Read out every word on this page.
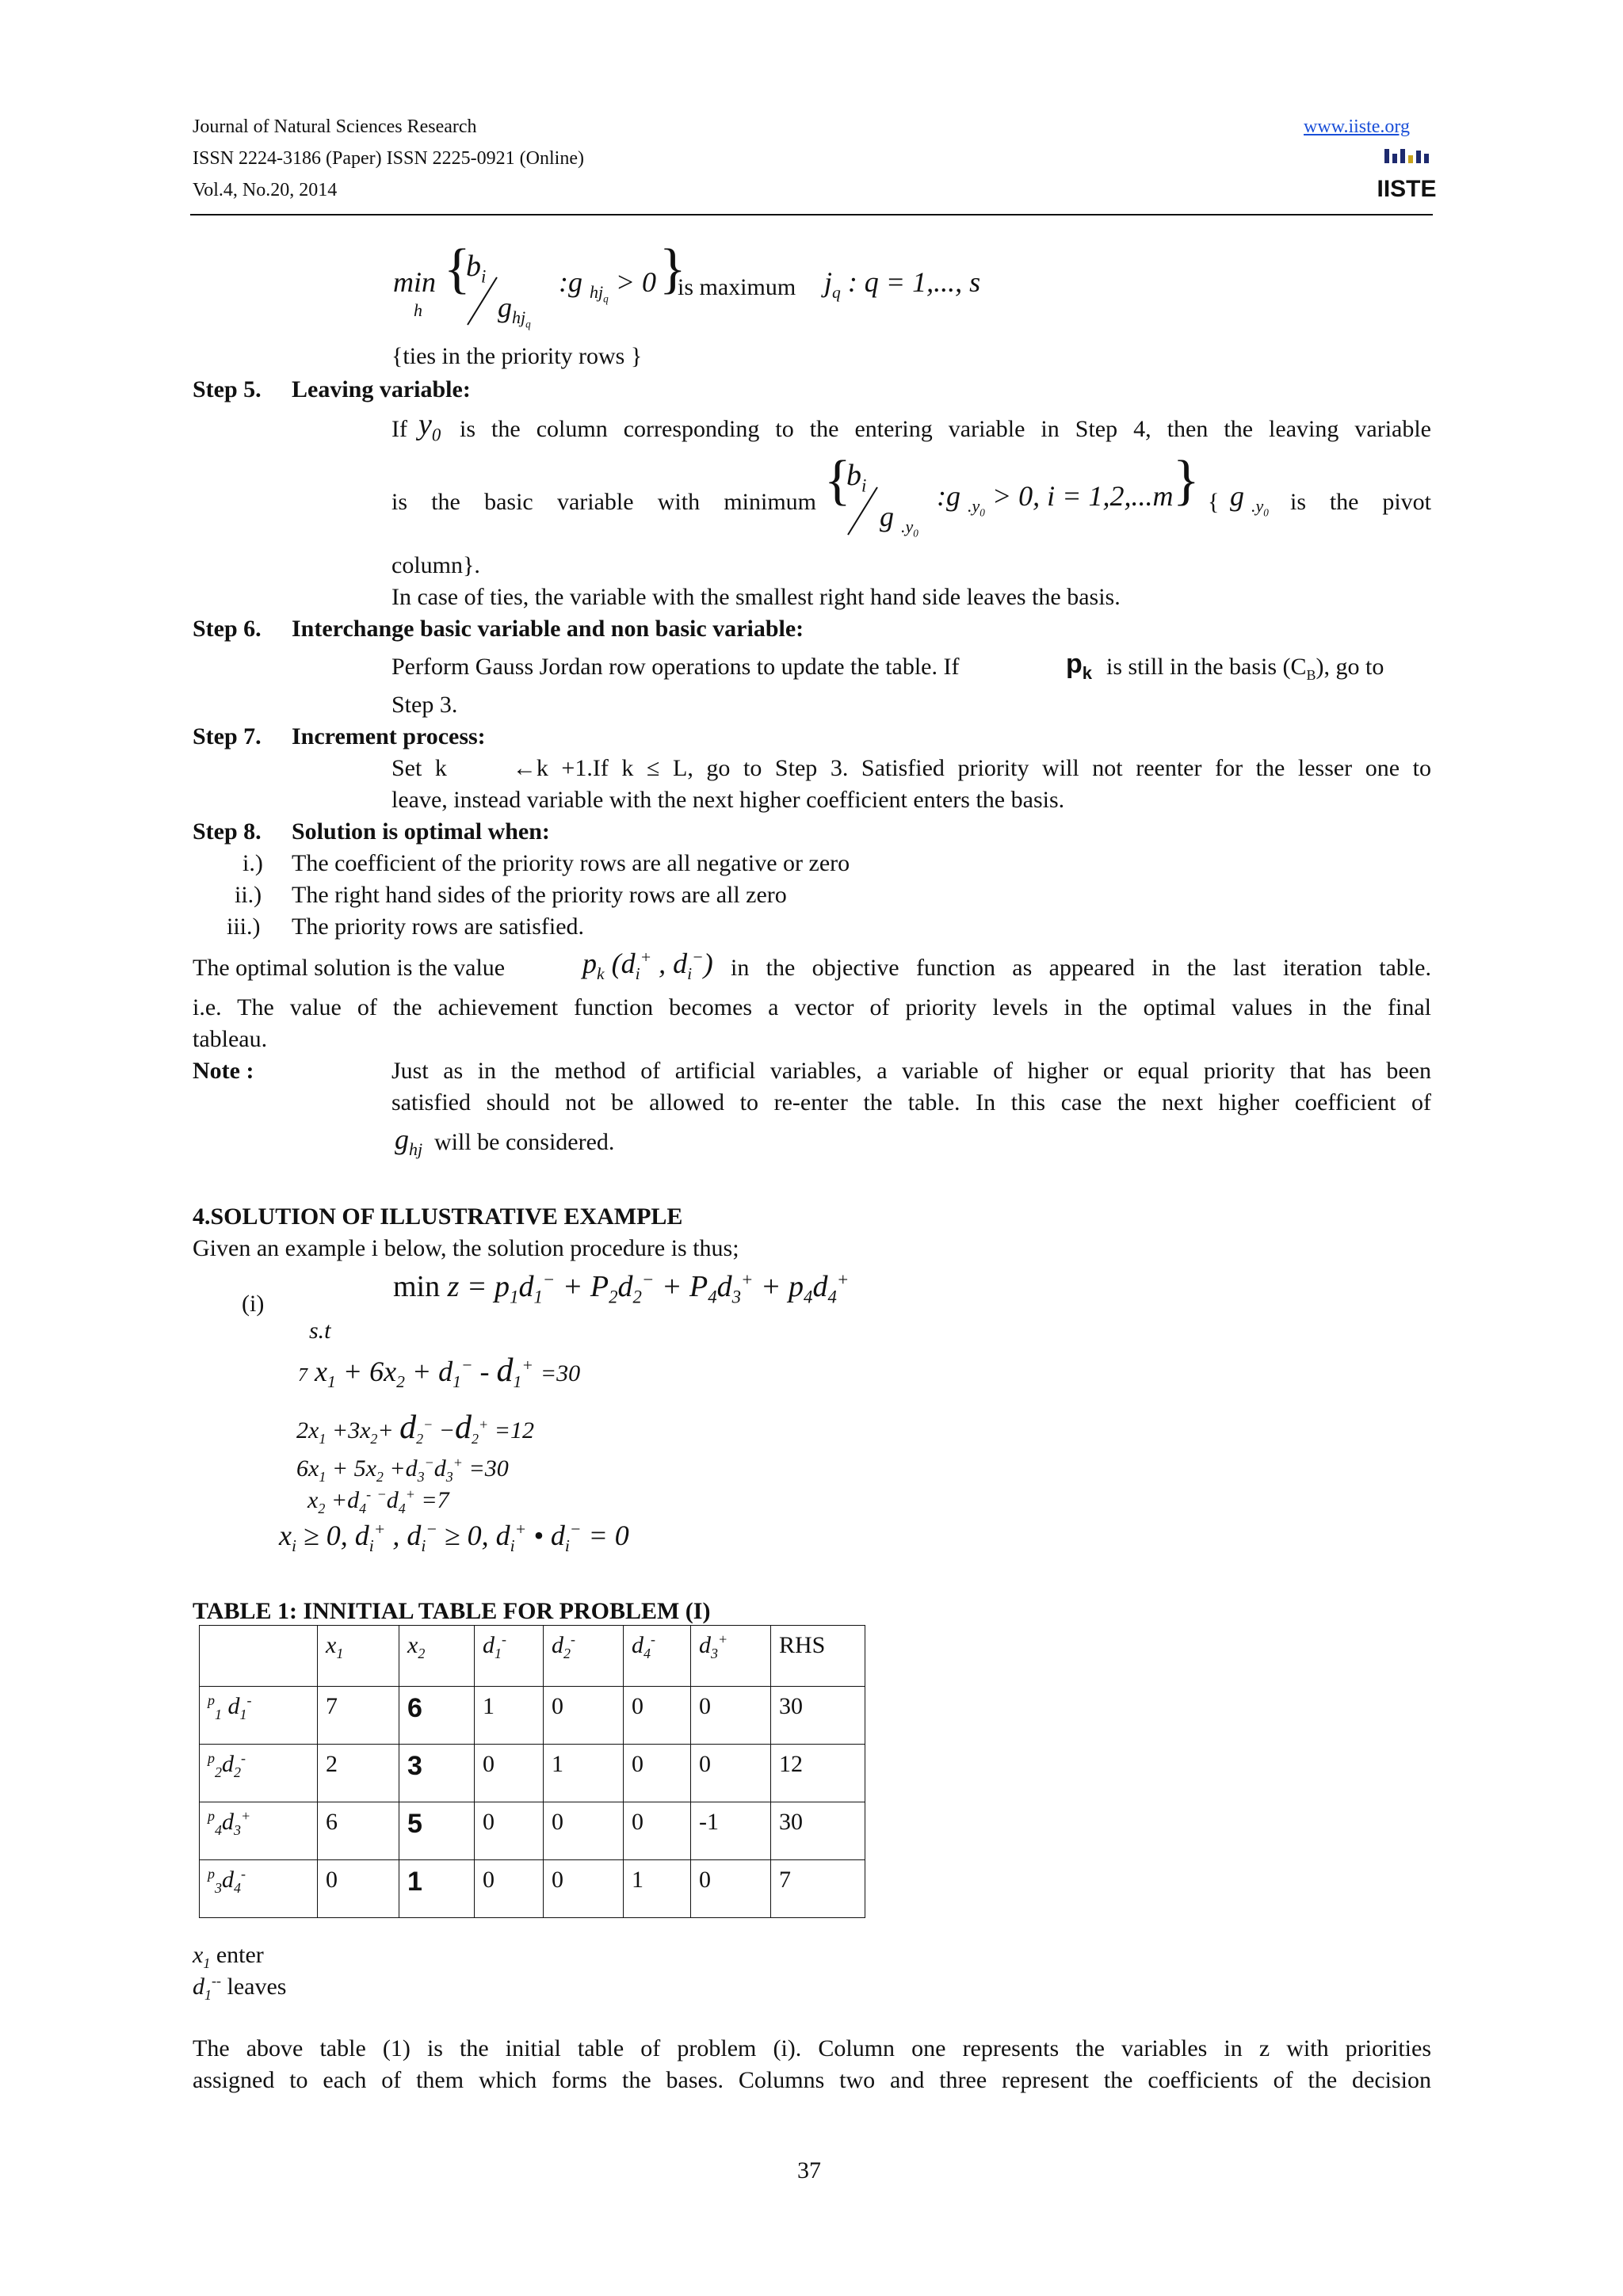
Journal of Natural Sciences Research
ISSN 2224-3186 (Paper) ISSN 2225-0921 (Online)
Vol.4, No.20, 2014
www.iiste.org
IISTE
min
h
{
$b_i$
$g_{hj_q}$
:g $_{hj_q}$ > 0 }
is maximum $j_q$ : q = 1,..., s
{ties in the priority rows }
Step 5. Leaving variable:
If $y_0$ is the column corresponding to the entering variable in Step 4, then the leaving variable
is the basic variable with minimum {
$b_i$
g $_{.y_0}$
:g $_{.y_0}$ > 0, i = 1,2,...m } { g $_{.y_0}$ is the pivot
column}.
In case of ties, the variable with the smallest right hand side leaves the basis.
Step 6. Interchange basic variable and non basic variable:
Perform Gauss Jordan row operations to update the table. If	$p_k$ is still in the basis $(C_B)$, go to
Step 3.
Step 7. Increment process:
Set k     ←k +1.If k ≤ L, go to Step 3. Satisfied priority will not reenter for the lesser one to
leave, instead variable with the next higher coefficient enters the basis.
Step 8. Solution is optimal when:
i.) The coefficient of the priority rows are all negative or zero
ii.) The right hand sides of the priority rows are all zero
iii.) The priority rows are satisfied.
The optimal solution is the value	$p_k$ ($d_i^+$ , $d_i^-$) in the objective function as appeared in the last iteration table.
i.e. The value of the achievement function becomes a vector of priority levels in the optimal values in the final
tableau.
Note :	Just as in the method of artificial variables, a variable of higher or equal priority that has been
satisfied should not be allowed to re-enter the table. In this case the next higher coefficient of
$g_{hj}$ will be considered.
4.SOLUTION OF ILLUSTRATIVE EXAMPLE
Given an example i below, the solution procedure is thus;
(i)
$\min z = p_1d_1^- + P_2d_2^- + P_4d_3^+ + p_4d_4^+$
s.t
7 $x_1 + 6x_2 + d_1^- - d_1^+ =30$
$2x_1 +3x_2+ d_2^- -d_2^+ =12$
$6x_1 + 5x_2 +d_3^-d_3^+ =30$
$x_2 +d_4^-$ $^-d_4^+ =7$
$x_i \ge 0$, $d_i^+$ , $d_i^- \ge 0$, $d_i^+$ • $d_i^- = 0$
TABLE 1: INNITIAL TABLE FOR PROBLEM (I)
	$x_1$	$x_2$	$d_1^-$	$d_2^-$	$d_4^-$	$d_3^+$	RHS
$^p_1$ $d_1^-$	7	6	1	0	0	0	30
$^p_2d_2^-$	2	3	0	1	0	0	12
$^p_4d_3^+$	6	5	0	0	0	-1	30
$^p_3d_4^-$	0	1	0	0	1	0	7
$x_1$ enter
$d_1^{--}$ leaves
The above table (1) is the initial table of problem (i). Column one represents the variables in z with priorities
assigned to each of them which forms the bases. Columns two and three represent the coefficients of the decision
37
